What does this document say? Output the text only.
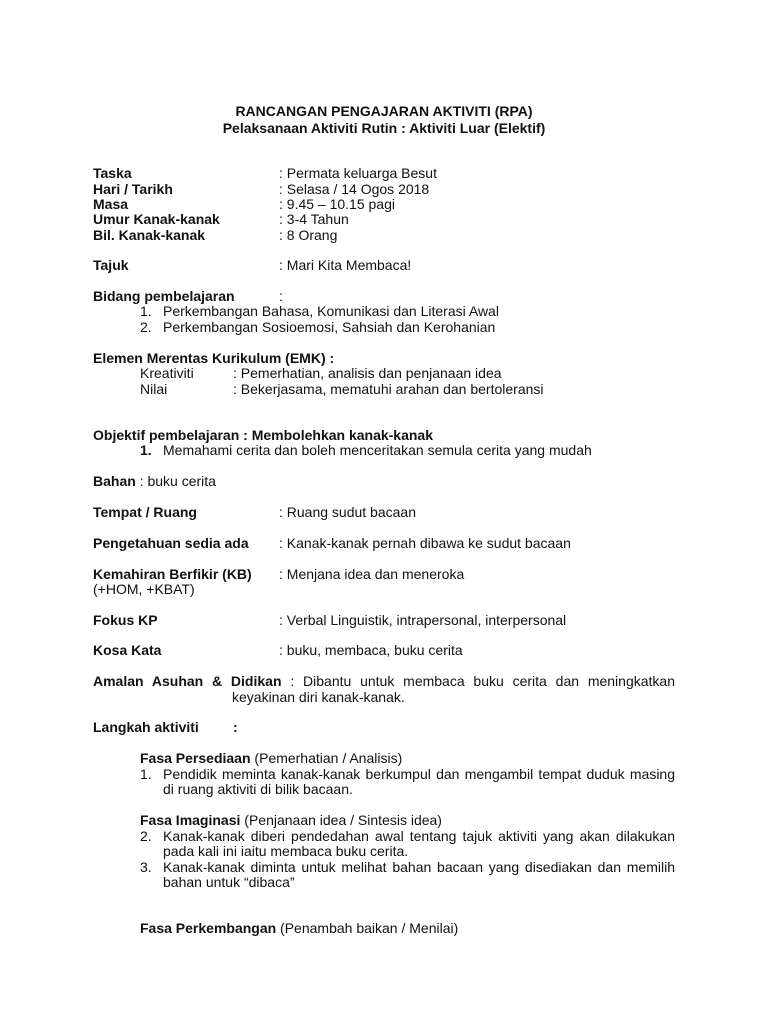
RANCANGAN PENGAJARAN AKTIVITI (RPA)
Pelaksanaan Aktiviti Rutin : Aktiviti Luar (Elektif)
Taska	: Permata keluarga Besut
Hari / Tarikh	: Selasa / 14 Ogos 2018
Masa	: 9.45 – 10.15 pagi
Umur Kanak-kanak	: 3-4 Tahun
Bil. Kanak-kanak	: 8 Orang
Tajuk	: Mari Kita Membaca!
Bidang pembelajaran	:
1. Perkembangan Bahasa, Komunikasi dan Literasi Awal
2. Perkembangan Sosioemosi, Sahsiah dan Kerohanian
Elemen Merentas Kurikulum (EMK) :
Kreativiti	: Pemerhatian, analisis dan penjanaan idea
Nilai	: Bekerjasama, mematuhi arahan dan bertoleransi
Objektif pembelajaran : Membolehkan kanak-kanak
1. Memahami cerita dan boleh menceritakan semula cerita yang mudah
Bahan : buku cerita
Tempat / Ruang	: Ruang sudut bacaan
Pengetahuan sedia ada : Kanak-kanak pernah dibawa ke sudut bacaan
Kemahiran Berfikir (KB) : Menjana idea dan meneroka
(+HOM, +KBAT)
Fokus KP	: Verbal Linguistik, intrapersonal, interpersonal
Kosa Kata	: buku, membaca, buku cerita
Amalan Asuhan & Didikan : Dibantu untuk membaca buku cerita dan meningkatkan
keyakinan diri kanak-kanak.
Langkah aktiviti :
Fasa Persediaan (Pemerhatian / Analisis)
1. Pendidik meminta kanak-kanak berkumpul dan mengambil tempat duduk masing
di ruang aktiviti di bilik bacaan.
Fasa Imaginasi (Penjanaan idea / Sintesis idea)
2. Kanak-kanak diberi pendedahan awal tentang tajuk aktiviti yang akan dilakukan
pada kali ini iaitu membaca buku cerita.
3. Kanak-kanak diminta untuk melihat bahan bacaan yang disediakan dan memilih
bahan untuk “dibaca”
Fasa Perkembangan (Penambah baikan / Menilai)
